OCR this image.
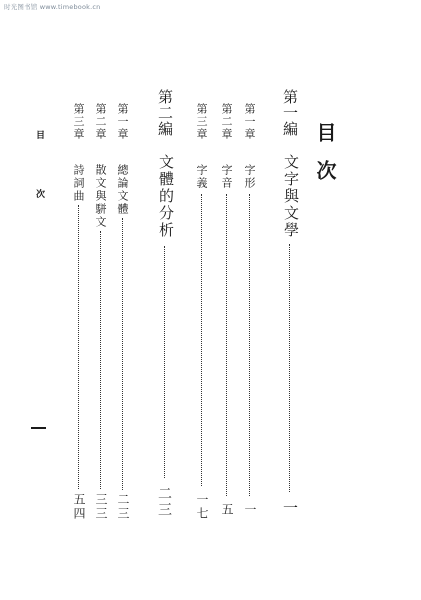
时光图书馆 www.timebook.cn
目次
第一編
文字與文學
一
第一章
字形
一
第二章
字音
五
第三章
字義
一七
第二編
文體的分析
二三
第一章
總論文體
二三
第二章
散文與駢文
三三
第三章
詩詞曲
五四
目次
